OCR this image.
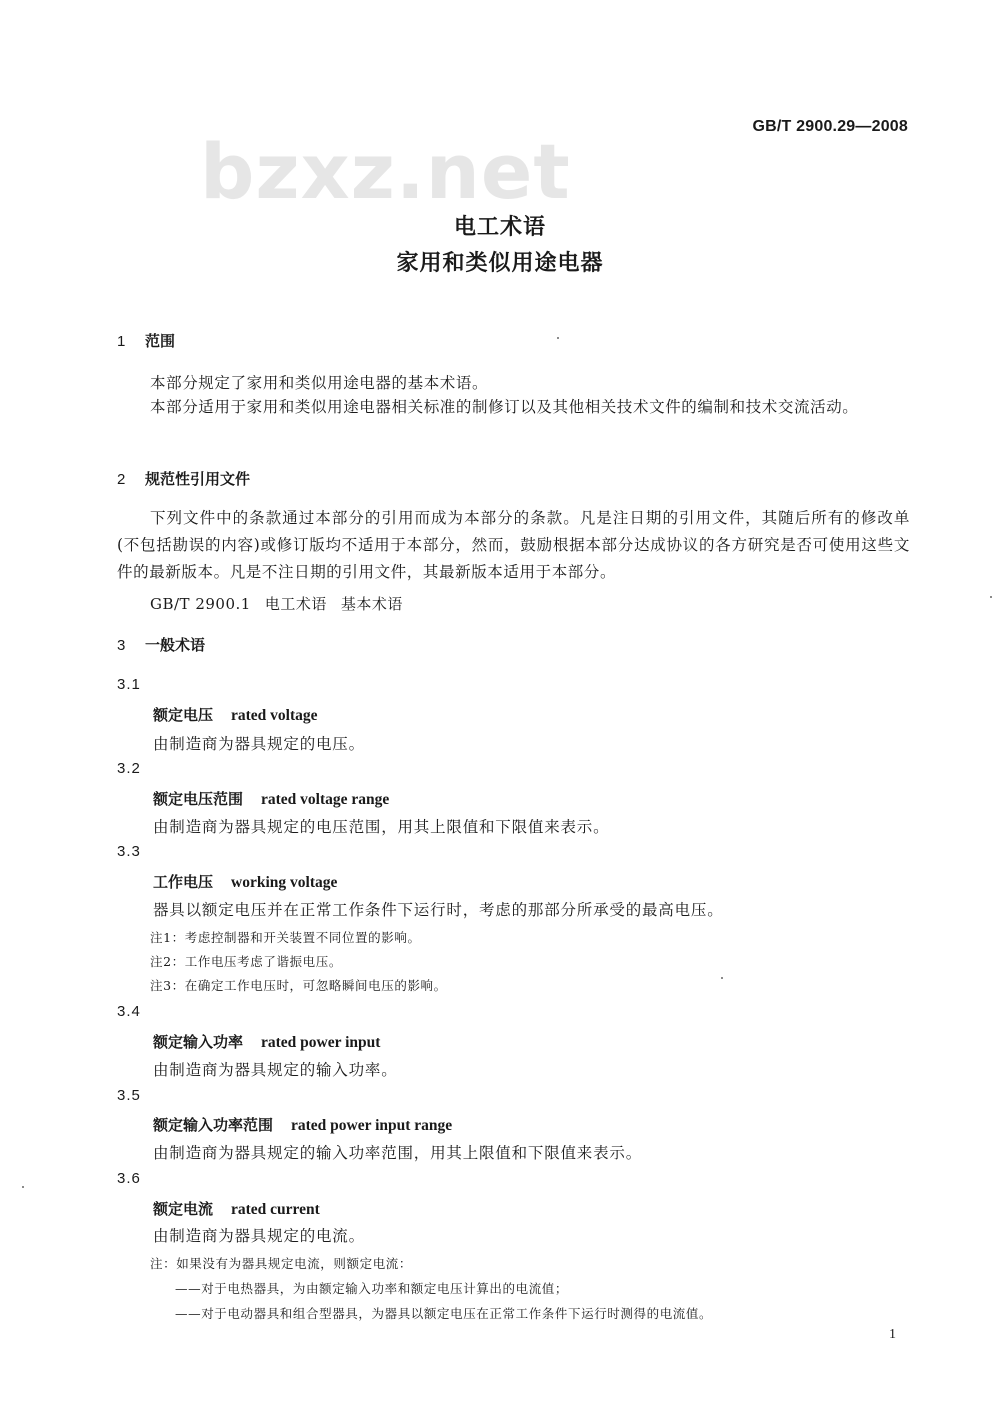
bzxz.net
GB/T 2900.29—2008
电工术语
家用和类似用途电器
1 范围
本部分规定了家用和类似用途电器的基本术语。
本部分适用于家用和类似用途电器相关标准的制修订以及其他相关技术文件的编制和技术交流活动。
2 规范性引用文件
下列文件中的条款通过本部分的引用而成为本部分的条款。凡是注日期的引用文件，其随后所有的修改单(不包括勘误的内容)或修订版均不适用于本部分，然而，鼓励根据本部分达成协议的各方研究是否可使用这些文件的最新版本。凡是不注日期的引用文件，其最新版本适用于本部分。
GB/T 2900.1 电工术语 基本术语
3 一般术语
3.1
额定电压 rated voltage
由制造商为器具规定的电压。
3.2
额定电压范围 rated voltage range
由制造商为器具规定的电压范围，用其上限值和下限值来表示。
3.3
工作电压 working voltage
器具以额定电压并在正常工作条件下运行时，考虑的那部分所承受的最高电压。
注1：考虑控制器和开关装置不同位置的影响。
注2：工作电压考虑了谐振电压。
注3：在确定工作电压时，可忽略瞬间电压的影响。
3.4
额定输入功率 rated power input
由制造商为器具规定的输入功率。
3.5
额定输入功率范围 rated power input range
由制造商为器具规定的输入功率范围，用其上限值和下限值来表示。
3.6
额定电流 rated current
由制造商为器具规定的电流。
注：如果没有为器具规定电流，则额定电流：
——对于电热器具，为由额定输入功率和额定电压计算出的电流值；
——对于电动器具和组合型器具，为器具以额定电压在正常工作条件下运行时测得的电流值。
1
